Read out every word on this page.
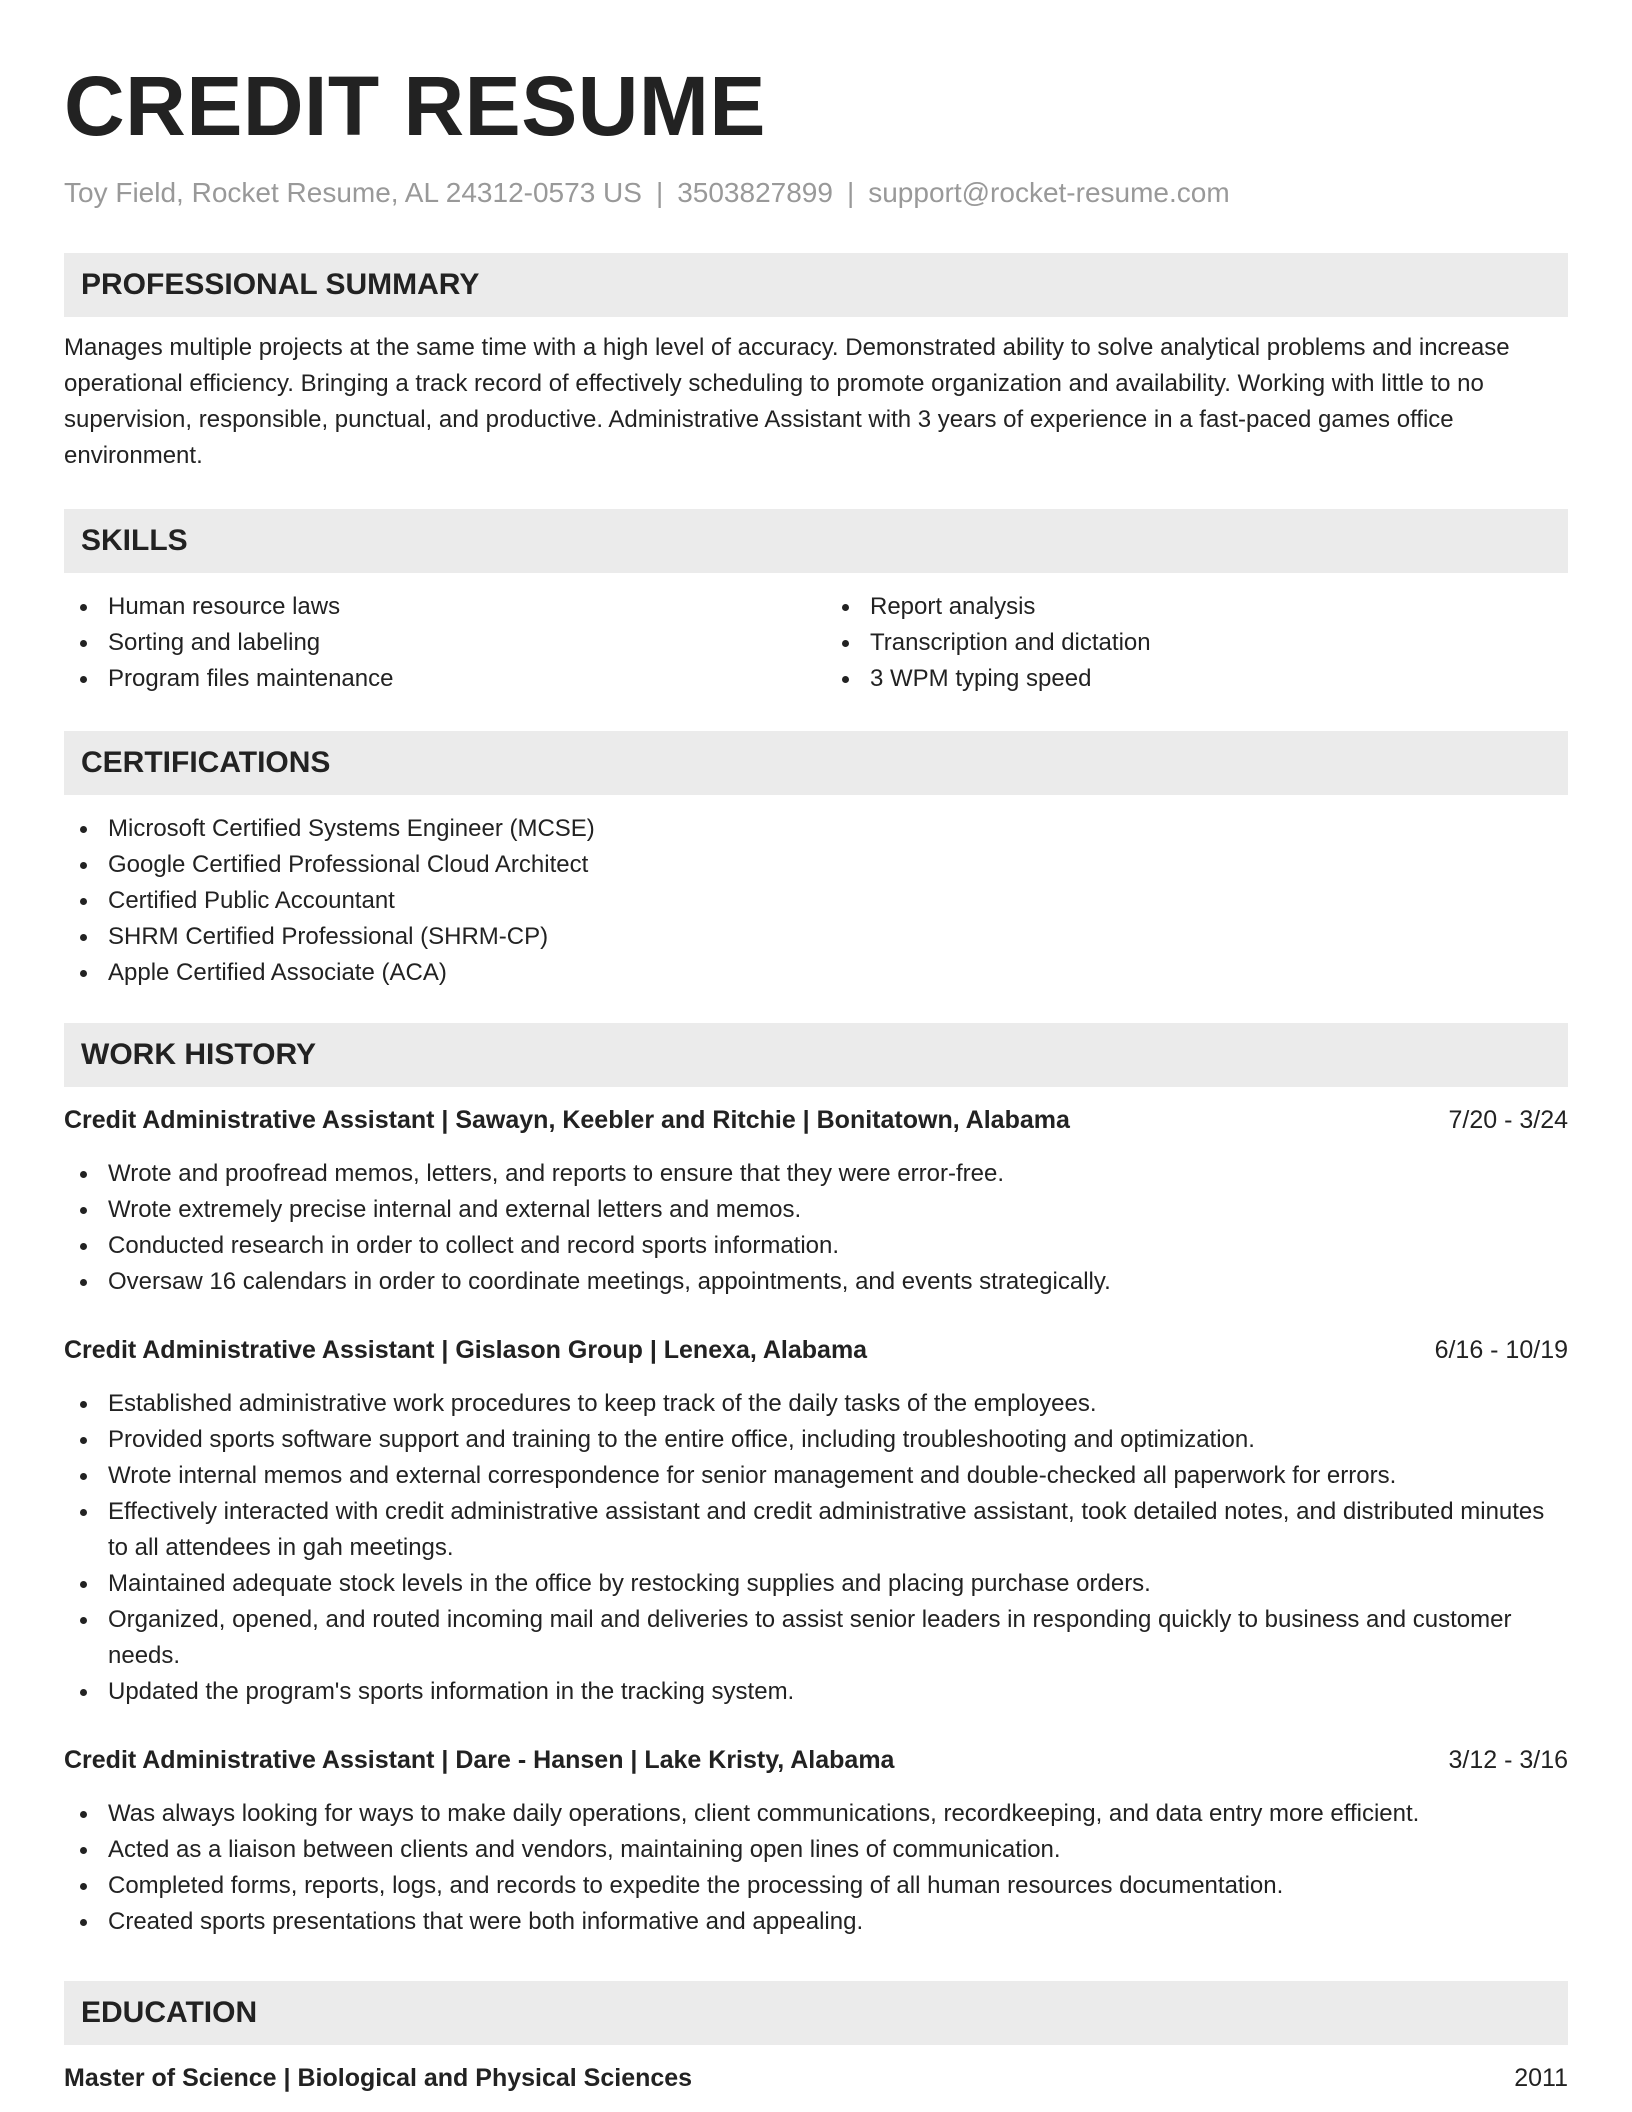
CREDIT RESUME
Toy Field, Rocket Resume, AL 24312-0573 US | 3503827899 | support@rocket-resume.com
PROFESSIONAL SUMMARY
Manages multiple projects at the same time with a high level of accuracy. Demonstrated ability to solve analytical problems and increase operational efficiency. Bringing a track record of effectively scheduling to promote organization and availability. Working with little to no supervision, responsible, punctual, and productive. Administrative Assistant with 3 years of experience in a fast-paced games office environment.
SKILLS
Human resource laws
Sorting and labeling
Program files maintenance
Report analysis
Transcription and dictation
3 WPM typing speed
CERTIFICATIONS
Microsoft Certified Systems Engineer (MCSE)
Google Certified Professional Cloud Architect
Certified Public Accountant
SHRM Certified Professional (SHRM-CP)
Apple Certified Associate (ACA)
WORK HISTORY
Credit Administrative Assistant | Sawayn, Keebler and Ritchie | Bonitatown, Alabama	7/20 - 3/24
Wrote and proofread memos, letters, and reports to ensure that they were error-free.
Wrote extremely precise internal and external letters and memos.
Conducted research in order to collect and record sports information.
Oversaw 16 calendars in order to coordinate meetings, appointments, and events strategically.
Credit Administrative Assistant | Gislason Group | Lenexa, Alabama	6/16 - 10/19
Established administrative work procedures to keep track of the daily tasks of the employees.
Provided sports software support and training to the entire office, including troubleshooting and optimization.
Wrote internal memos and external correspondence for senior management and double-checked all paperwork for errors.
Effectively interacted with credit administrative assistant and credit administrative assistant, took detailed notes, and distributed minutes to all attendees in gah meetings.
Maintained adequate stock levels in the office by restocking supplies and placing purchase orders.
Organized, opened, and routed incoming mail and deliveries to assist senior leaders in responding quickly to business and customer needs.
Updated the program's sports information in the tracking system.
Credit Administrative Assistant | Dare - Hansen | Lake Kristy, Alabama	3/12 - 3/16
Was always looking for ways to make daily operations, client communications, recordkeeping, and data entry more efficient.
Acted as a liaison between clients and vendors, maintaining open lines of communication.
Completed forms, reports, logs, and records to expedite the processing of all human resources documentation.
Created sports presentations that were both informative and appealing.
EDUCATION
Master of Science | Biological and Physical Sciences	2011
